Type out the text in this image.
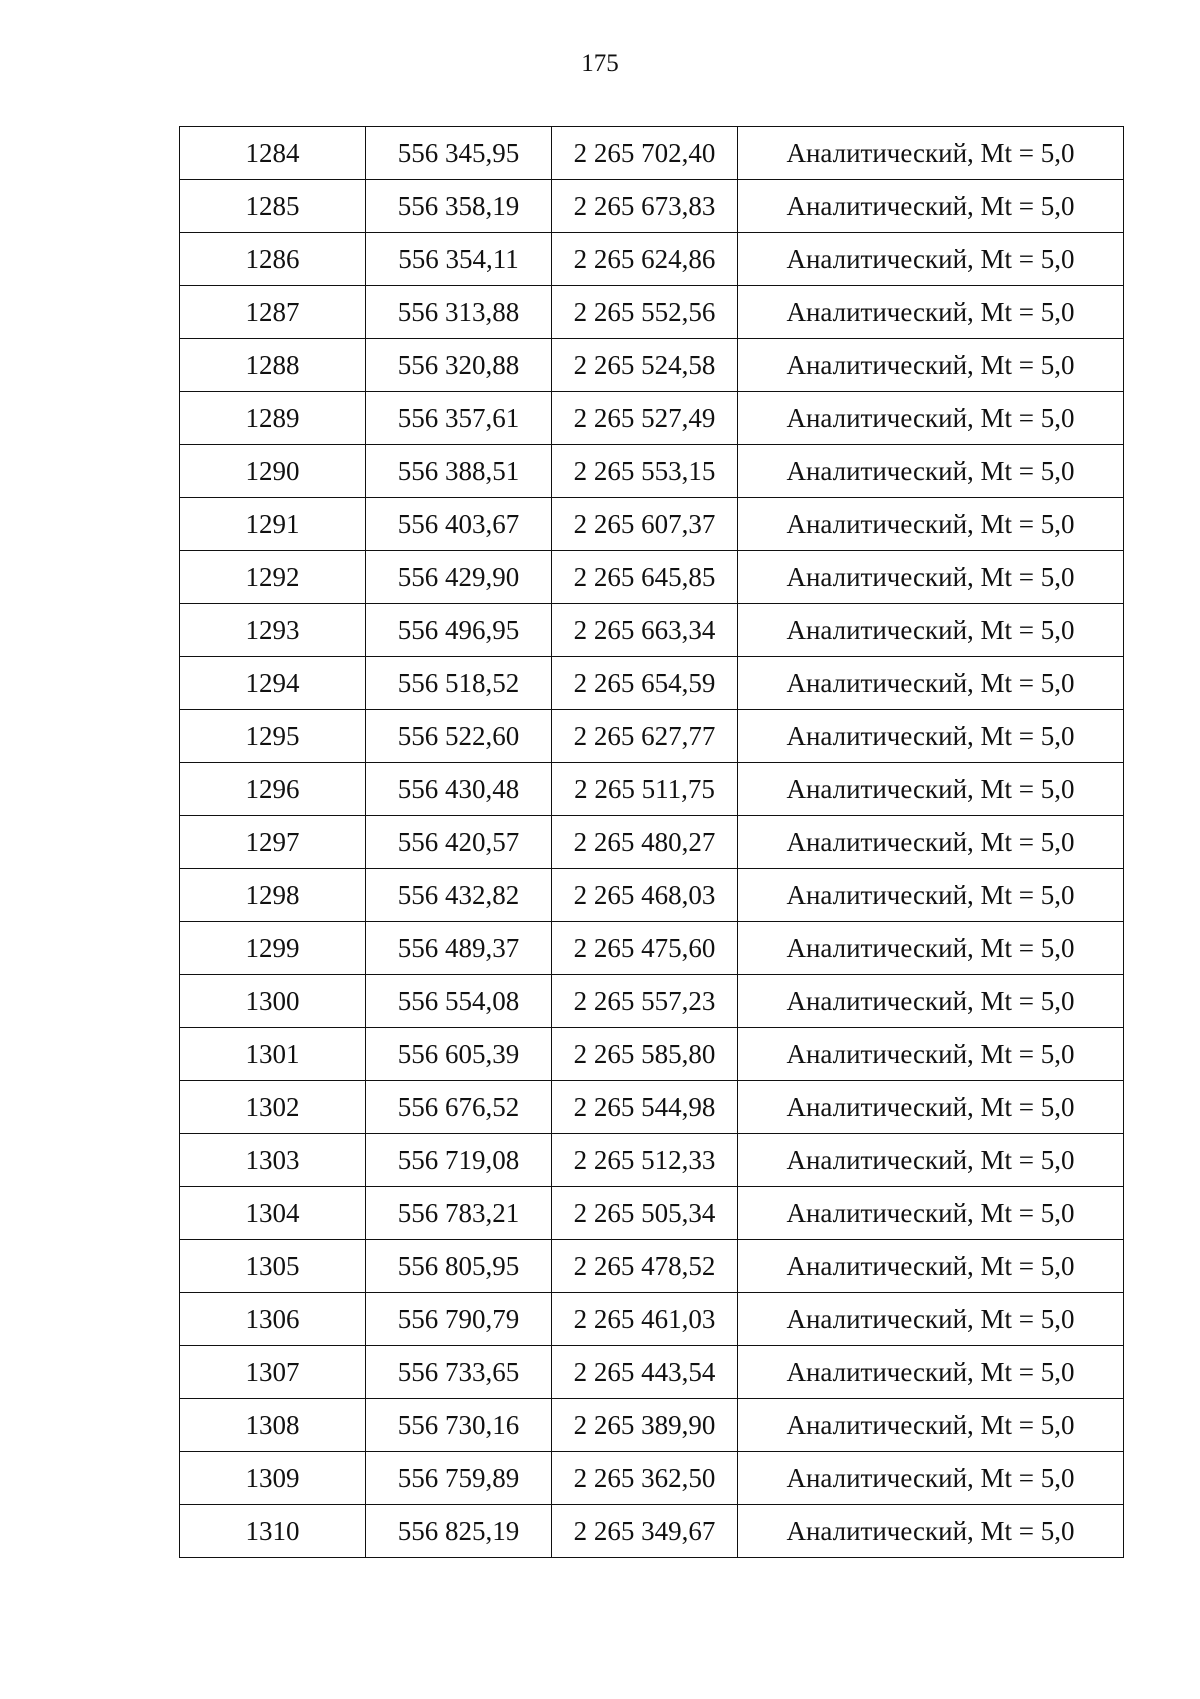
175
1284	556 345,95	2 265 702,40	Аналитический, Mt = 5,0
1285	556 358,19	2 265 673,83	Аналитический, Mt = 5,0
1286	556 354,11	2 265 624,86	Аналитический, Mt = 5,0
1287	556 313,88	2 265 552,56	Аналитический, Mt = 5,0
1288	556 320,88	2 265 524,58	Аналитический, Mt = 5,0
1289	556 357,61	2 265 527,49	Аналитический, Mt = 5,0
1290	556 388,51	2 265 553,15	Аналитический, Mt = 5,0
1291	556 403,67	2 265 607,37	Аналитический, Mt = 5,0
1292	556 429,90	2 265 645,85	Аналитический, Mt = 5,0
1293	556 496,95	2 265 663,34	Аналитический, Mt = 5,0
1294	556 518,52	2 265 654,59	Аналитический, Mt = 5,0
1295	556 522,60	2 265 627,77	Аналитический, Mt = 5,0
1296	556 430,48	2 265 511,75	Аналитический, Mt = 5,0
1297	556 420,57	2 265 480,27	Аналитический, Mt = 5,0
1298	556 432,82	2 265 468,03	Аналитический, Mt = 5,0
1299	556 489,37	2 265 475,60	Аналитический, Mt = 5,0
1300	556 554,08	2 265 557,23	Аналитический, Mt = 5,0
1301	556 605,39	2 265 585,80	Аналитический, Mt = 5,0
1302	556 676,52	2 265 544,98	Аналитический, Mt = 5,0
1303	556 719,08	2 265 512,33	Аналитический, Mt = 5,0
1304	556 783,21	2 265 505,34	Аналитический, Mt = 5,0
1305	556 805,95	2 265 478,52	Аналитический, Mt = 5,0
1306	556 790,79	2 265 461,03	Аналитический, Mt = 5,0
1307	556 733,65	2 265 443,54	Аналитический, Mt = 5,0
1308	556 730,16	2 265 389,90	Аналитический, Mt = 5,0
1309	556 759,89	2 265 362,50	Аналитический, Mt = 5,0
1310	556 825,19	2 265 349,67	Аналитический, Mt = 5,0
